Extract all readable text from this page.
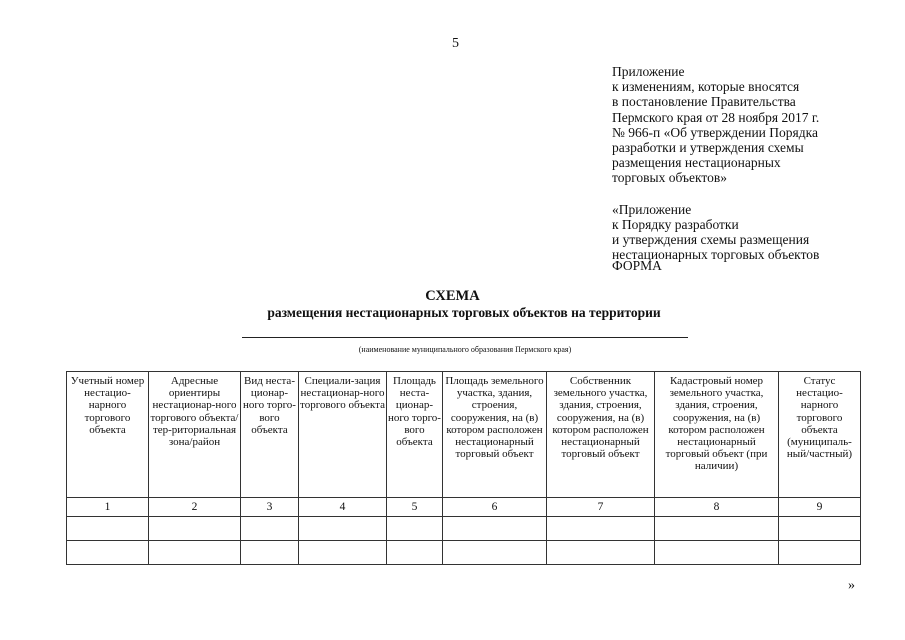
5
Приложение
к изменениям, которые вносятся
в постановление Правительства
Пермского края от 28 ноября 2017 г.
№ 966-п «Об утверждении Порядка
разработки и утверждения схемы
размещения нестационарных
торговых объектов»
«Приложение
к Порядку разработки
и утверждения схемы размещения
нестационарных торговых объектов
ФОРМА
СХЕМА
размещения нестационарных торговых объектов на территории
(наименование муниципального образования Пермского края)
Учетный номер нестацио-нарного торгового объекта	Адресные ориентиры нестационар-ного торгового объекта/тер-риториальная зона/район	Вид неста-ционар-ного торго-вого объекта	Специали-зация нестационар-ного торгового объекта	Площадь неста-ционар-ного торго-вого объекта	Площадь земельного участка, здания, строения, сооружения, на (в) котором расположен нестационарный торговый объект	Собственник земельного участка, здания, строения, сооружения, на (в) котором расположен нестационарный торговый объект	Кадастровый номер земельного участка, здания, строения, сооружения, на (в) котором расположен нестационарный торговый объект (при наличии)	Статус нестацио-нарного торгового объекта (муниципаль-ный/частный)
1	2	3	4	5	6	7	8	9

»
